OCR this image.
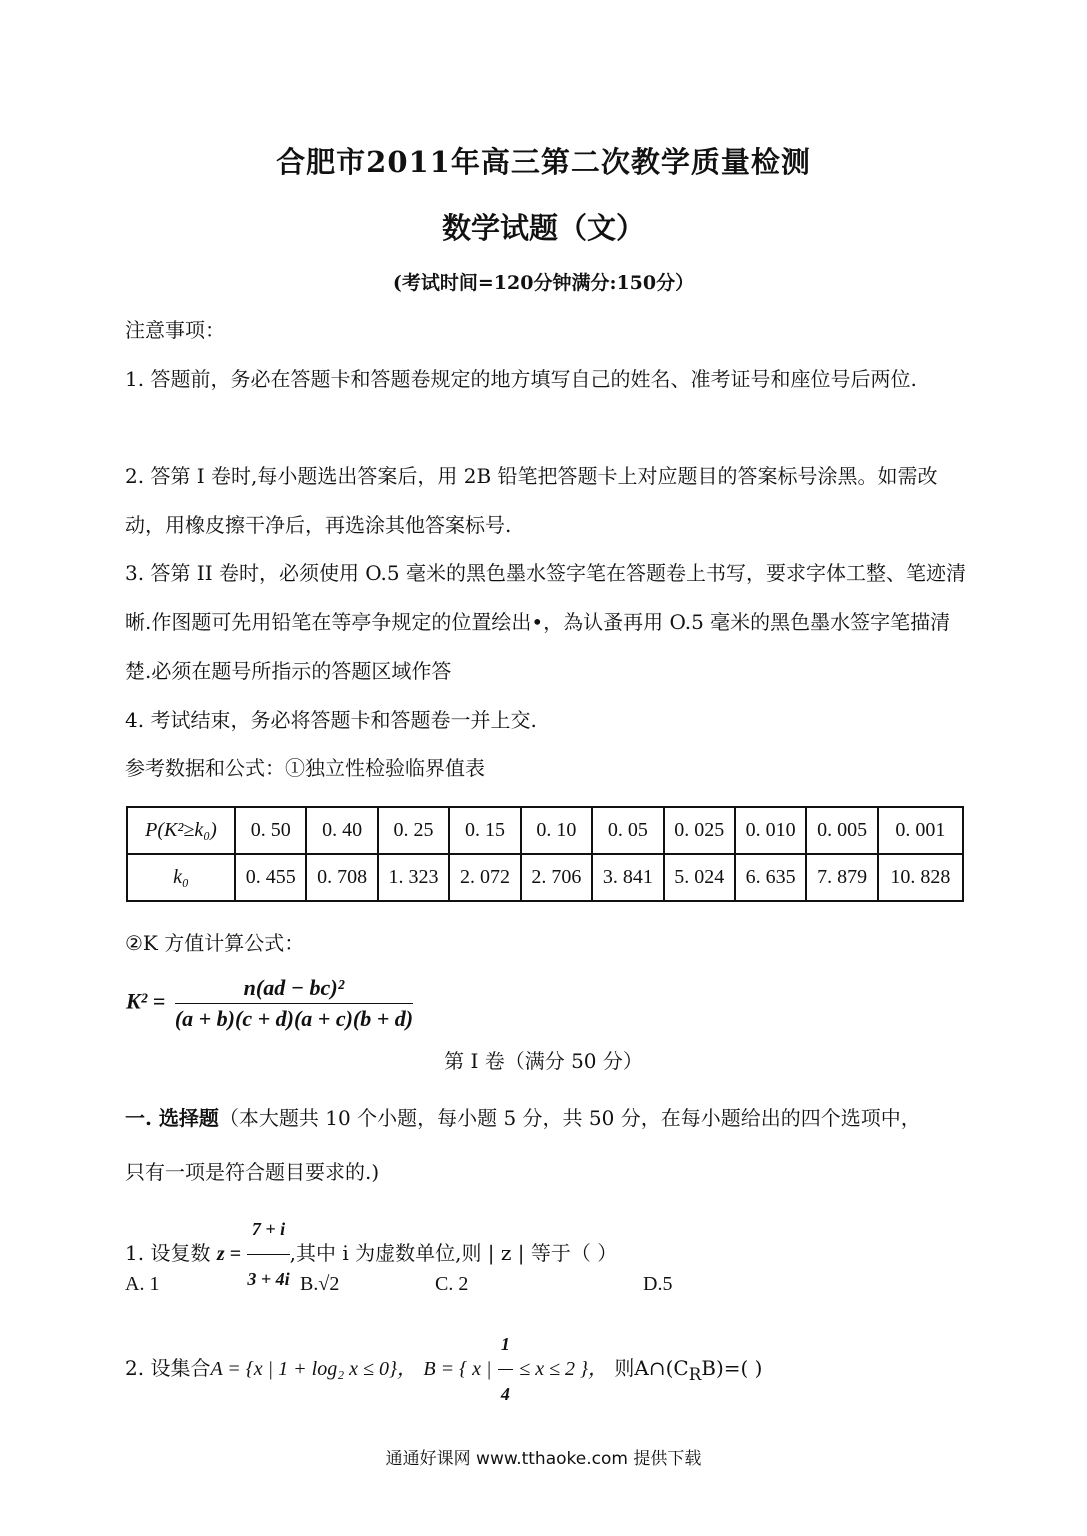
合肥市2011年高三第二次教学质量检测
数学试题（文）
(考试时间=120分钟满分:150分）
注意事项：
1. 答题前，务必在答题卡和答题卷规定的地方填写自己的姓名、准考证号和座位号后两位.
2. 答第 I 卷时,每小题选出答案后，用 2B 铅笔把答题卡上对应题目的答案标号涂黑。如需改动，用橡皮擦干净后，再选涂其他答案标号.
3. 答第 II 卷时，必须使用 O.5 毫米的黑色墨水签字笔在答题卷上书写，要求字体工整、笔迹清晰.作图题可先用铅笔在等亭争规定的位置绘出•，為认蚤再用 O.5 毫米的黑色墨水签字笔描清楚.必须在题号所指示的答题区域作答
4. 考试结束，务必将答题卡和答题卷一并上交.
参考数据和公式：①独立性检验临界值表
P(K²≥k₀)	0. 50	0. 40	0. 25	0. 15	0. 10	0. 05	0. 025	0. 010	0. 005	0. 001
k₀	0. 455	0. 708	1. 323	2. 072	2. 706	3. 841	5. 024	6. 635	7. 879	10. 828
②K 方值计算公式：
$K^2 = \frac{\text{n(ad − bc)²}}{(a + b)(c + d)(a + c)(b + d)}$
第 I 卷（满分 50 分）
一. 选择题（本大题共 10 个小题，每小题 5 分，共 50 分，在每小题给出的四个选项中，
只有一项是符合题目要求的.)
1. 设复数 $z = \frac{7 + i}{3 + 4i}$ ,其中 i 为虚数单位,则 | z | 等于（ ）
A. 1	B.√2	C. 2	D.5
2. 设集合A = {x | 1 + log₂ x ≤ 0}， B = { x | $\frac{1}{4} \le x \le 2$ }， 则$A\cap(C_RB)=$( )
通通好课网 www.tthaoke.com 提供下载
